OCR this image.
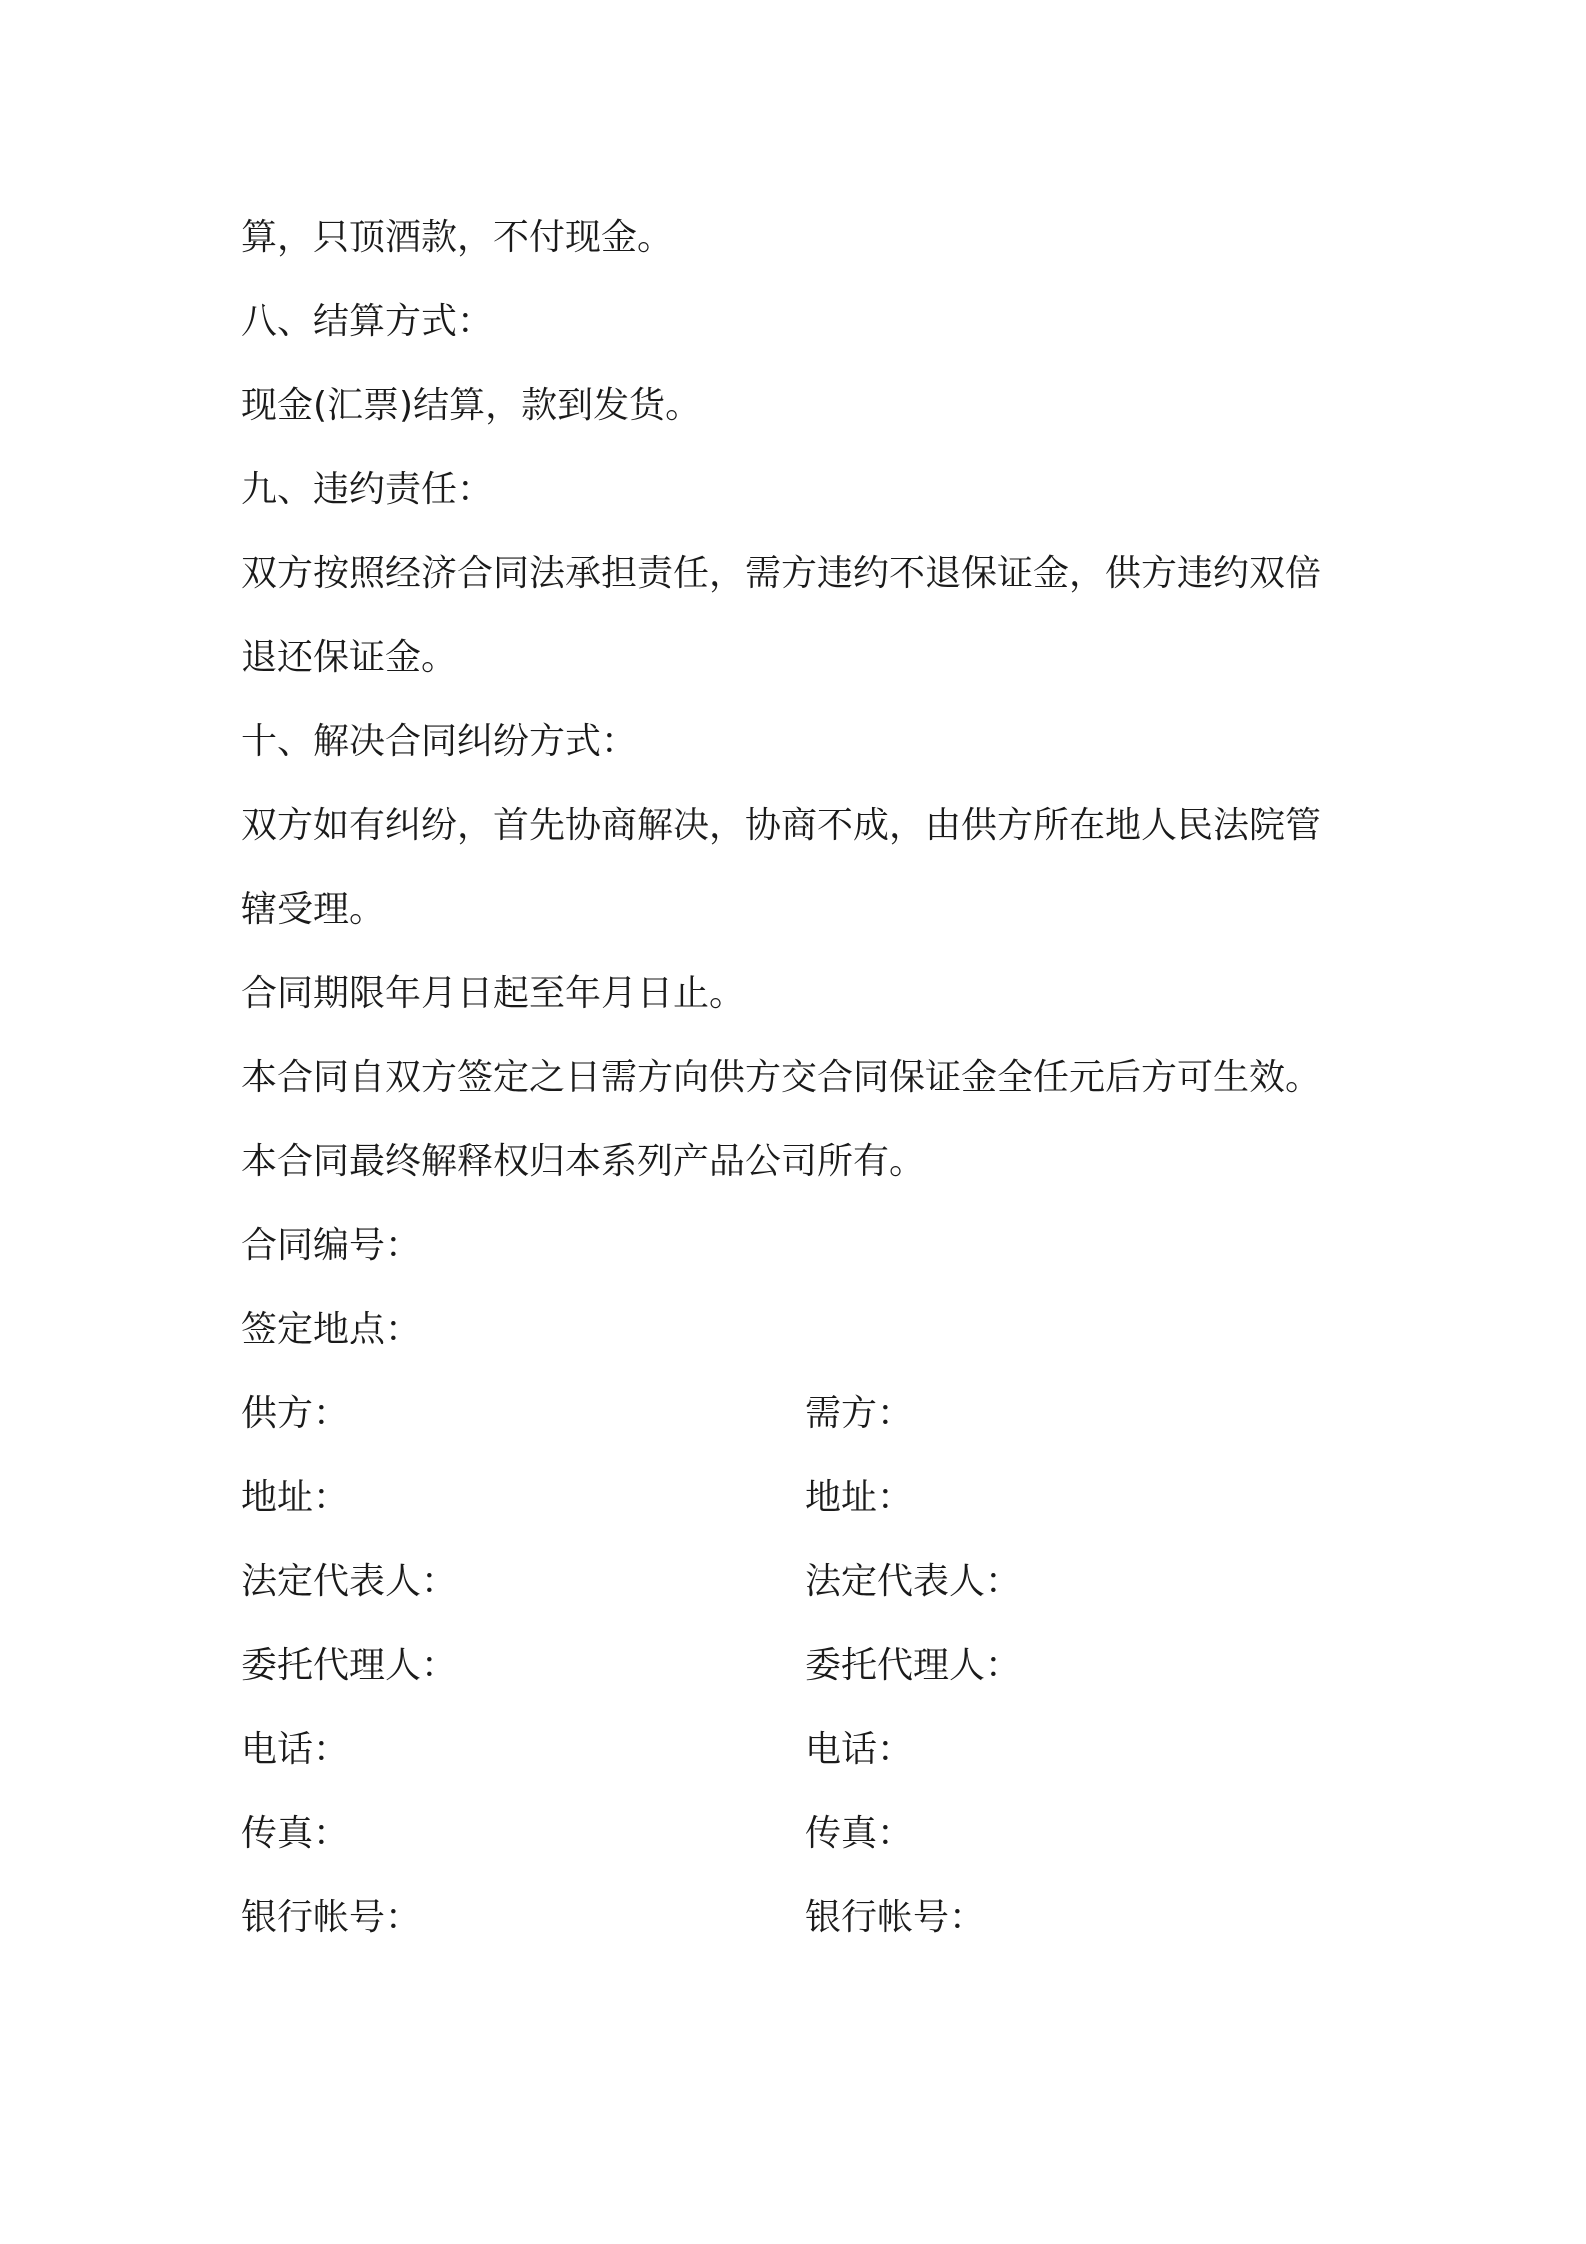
算，只顶酒款，不付现金。
八、结算方式：
现金(汇票)结算，款到发货。
九、违约责任：
双方按照经济合同法承担责任，需方违约不退保证金，供方违约双倍
退还保证金。
十、解决合同纠纷方式：
双方如有纠纷，首先协商解决，协商不成，由供方所在地人民法院管
辖受理。
合同期限年月日起至年月日止。
本合同自双方签定之日需方向供方交合同保证金全任元后方可生效。
本合同最终解释权归本系列产品公司所有。
合同编号：
签定地点：
供方：	需方：
地址：	地址：
法定代表人：	法定代表人：
委托代理人：	委托代理人：
电话：	电话：
传真：	传真：
银行帐号：	银行帐号：
